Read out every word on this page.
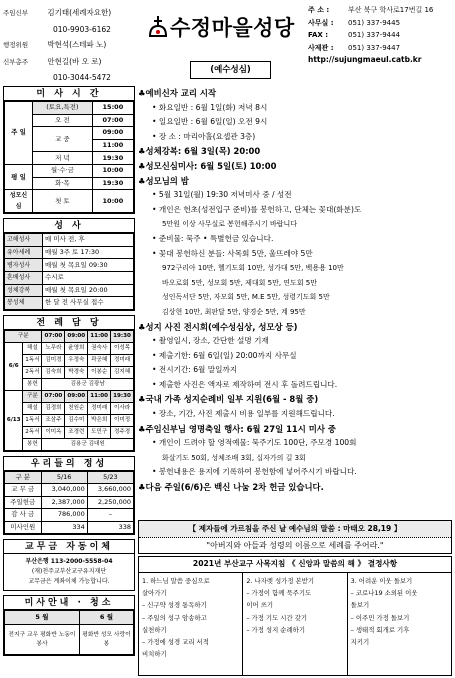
주임신부	김기태(세례자요한)
010-9903-6162
행정위원	박현석(스테파 노)
신부총주	안현길(바 오 로)
010-3044-5472
수정마을성당
(예수성심)
주 소 :	부산 북구 학사로17번길 16
사무실 : 051) 337-9445
FAX :	051) 337-9444
사제관 : 051) 337-9447
http://sujungmaeul.catb.kr
미 사 시 간
주 일	(토요,특전)	15:00
	오 전	07:00
	교 중	09:00
		11:00
	저 녁	19:30
평 일	월·수·금	10:00
	화·목	19:30
성모신심	첫 토	10:00
성 사
고해성사	매 미사 전, 후
유아세례	매월 3주 토 17:30
병자성사	매월 첫 목요일 09:30
혼배성사	수시로
성체강복	매월 첫 목요일 20:00
봉성체	한 달 전 사무실 접수
전 례 담 당
구분		07:00	09:00	11:00	19:30
6/6	해설	노무라	윤영희	권숙사	이성목
	1독서	김미경	우정숙	곽공혜	정미래
	2독서	김숙희	박경숙	이봉순	김지혜
	봉헌	김용군 김광남			
6/13	구분	07:00	09:00	11:00	19:30
	해설	김경희	천원순	정미래	이사라
	1독서	조삼주	김수미	박은희	이미정
	2독서	이미옥	조경련	도민구	정주경
	봉헌	김용군 김대원			
우리들의 정성
구 분	5/16	5/23
교 무 금	3,040,000	3,660,000
주일헌금	2,387,000	2,250,000
감 사 금	786,000	–
미사인원	334	338
교무금 자동이체
부산은행 113-2000-5558-04
(재)천주교부산교구유지재단
교무금은 계좌이체 가능합니다.
미사안내 · 청소
5 월	6 월
전지구 교우 평화반 노동이 봉사	평화반 성모 사랑이 봉
♣ 예비신자 교리 시작
• 화요일반 : 6월 1일(화) 저녁 8시
• 일요일반 : 6월 6일(일) 오전 9시
• 장 소 : 마리아홀(요셉관 3층)
♣ 성체강복: 6월 3일(목) 20:00
♣ 성모신심미사: 6월 5일(토) 10:00
♣ 성모님의 밤
• 5월 31일(월) 19:30 저녁미사 중 / 성전
• 개인은 헌초(성전입구 준비)를 봉헌하고, 단체는 꽃대(화분)도
5만원 이상 사무실로 봉헌해주시기 바랍니다
• 준비물: 묵주 • 특별헌금 있습니다.
• 꽃대 봉헌하신 분들: 사목회 5만, 울뜨레야 5만
972구리아 10만, 헬기도회 10만, 성가대 5만, 백용용 10만
바오로회 5만, 성모회 5만, 제대회 5만, 연도회 5만
성인독서단 5만, 자모회 5만, M.E 5만, 성령기도회 5만
김상현 10만, 최판달 5만, 양경순 5만, 계 95만
♣ 성지 사진 전시회(예수성심상, 성모상 등)
• 촬영일시, 장소, 간단한 설명 기재
• 제출기한: 6월 6일(일) 20:00까지 사무실
• 전시기간: 6월 말일까지
• 제출한 사진은 액자로 제작하여 전시 후 돌려드립니다.
♣ 국내 가족 성지순례비 일부 지원(6월 - 8월 중)
• 장소, 기간, 사진 제출시 비용 일부를 지원해드립니다.
♣ 주임신부님 영명축일 행사: 6월 27일 11시 미사 중
• 개인이 드려야 할 영적예물: 묵주기도 100단, 주모경 100회
화살기도 50회, 성체조배 3회, 십자가의 길 3회
• 봉헌내용은 용지에 기록하여 봉헌함에 넣어주시기 바랍니다.
♣ 다음 주일(6/6)은 백신 나눔 2차 헌금 있습니다.
【 제자들에 가르침을 주신 날 예수님의 말씀 : 마태오 28,19 】
"아버지와 아들과 성령의 이름으로 세례를 주어라."
2021년 부산교구 사목지침 《 신앙과 말씀의 해 》 결정사항
1. 하느님 말씀 중심으로
살아가기
– 신구약 성경 통독하기
– 주일의 성구 암송하고
실천하기
– 가정에 성경 교리 서적
비치하기
2. 나자렛 성가정 본받기
– 가정이 함께 묵주기도
이어 쓰기
– 가정 기도 시간 갖기
– 가정 성지 순례하기
3. 어려운 이웃 돌보기
– 코로나19 소외된 이웃
돌보기
– 이주민 가정 돌보기
– 생태적 회개로 기후
지키기
